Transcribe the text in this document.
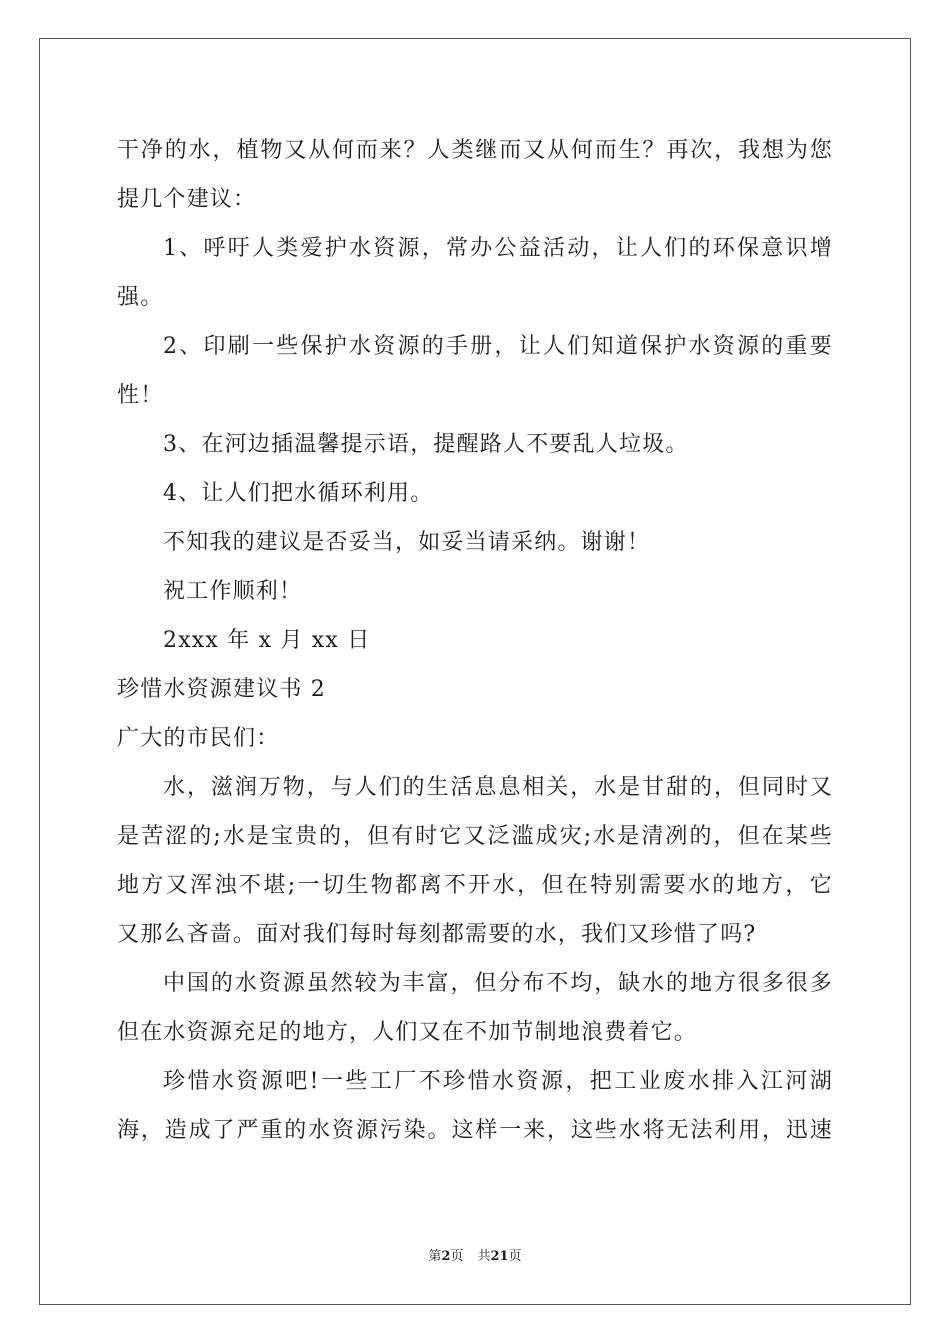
干净的水，植物又从何而来？人类继而又从何而生？再次，我想为您
提几个建议：
1、呼吁人类爱护水资源，常办公益活动，让人们的环保意识增
强。
2、印刷一些保护水资源的手册，让人们知道保护水资源的重要
性！
3、在河边插温馨提示语，提醒路人不要乱人垃圾。
4、让人们把水循环利用。
不知我的建议是否妥当，如妥当请采纳。谢谢！
祝工作顺利！
2xxx 年 x 月 xx 日
珍惜水资源建议书 2
广大的市民们：
水，滋润万物，与人们的生活息息相关，水是甘甜的，但同时又
是苦涩的;水是宝贵的，但有时它又泛滥成灾;水是清冽的，但在某些
地方又浑浊不堪;一切生物都离不开水，但在特别需要水的地方，它
又那么吝啬。面对我们每时每刻都需要的水，我们又珍惜了吗?
中国的水资源虽然较为丰富，但分布不均，缺水的地方很多很多
但在水资源充足的地方，人们又在不加节制地浪费着它。
珍惜水资源吧!一些工厂不珍惜水资源，把工业废水排入江河湖
海，造成了严重的水资源污染。这样一来，这些水将无法利用，迅速
第2页 共21页
